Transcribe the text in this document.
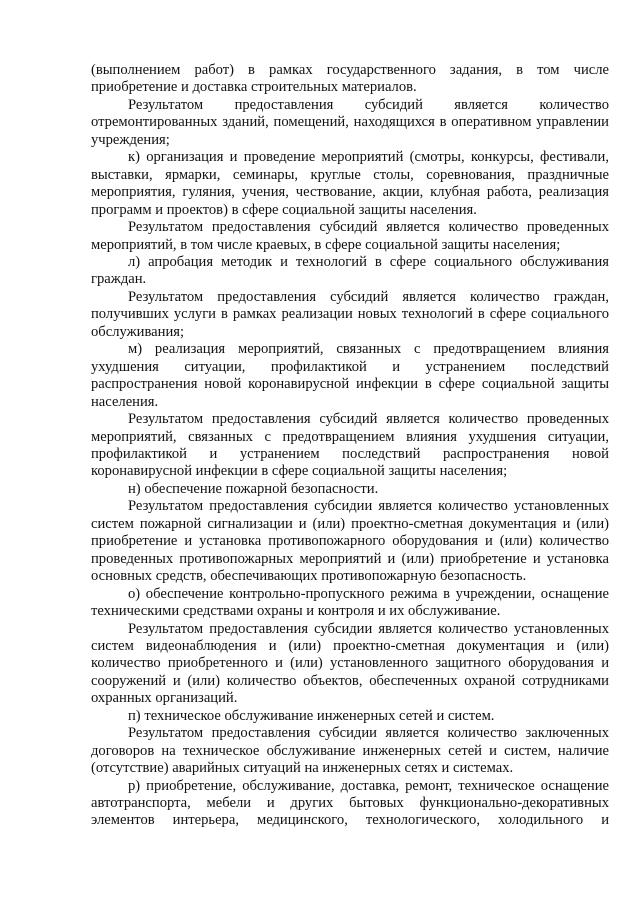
(выполнением работ) в рамках государственного задания, в том числе приобретение и доставка строительных материалов.

Результатом предоставления субсидий является количество отремонтированных зданий, помещений, находящихся в оперативном управлении учреждения;

к) организация и проведение мероприятий (смотры, конкурсы, фестивали, выставки, ярмарки, семинары, круглые столы, соревнования, праздничные мероприятия, гуляния, учения, чествование, акции, клубная работа, реализация программ и проектов) в сфере социальной защиты населения.

Результатом предоставления субсидий является количество проведенных мероприятий, в том числе краевых, в сфере социальной защиты населения;

л) апробация методик и технологий в сфере социального обслуживания граждан.

Результатом предоставления субсидий является количество граждан, получивших услуги в рамках реализации новых технологий в сфере социального обслуживания;

м) реализация мероприятий, связанных с предотвращением влияния ухудшения ситуации, профилактикой и устранением последствий распространения новой коронавирусной инфекции в сфере социальной защиты населения.

Результатом предоставления субсидий является количество проведенных мероприятий, связанных с предотвращением влияния ухудшения ситуации, профилактикой и устранением последствий распространения новой коронавирусной инфекции в сфере социальной защиты населения;

н) обеспечение пожарной безопасности.

Результатом предоставления субсидии является количество установленных систем пожарной сигнализации и (или) проектно-сметная документация и (или) приобретение и установка противопожарного оборудования и (или) количество проведенных противопожарных мероприятий и (или) приобретение и установка основных средств, обеспечивающих противопожарную безопасность.

о) обеспечение контрольно-пропускного режима в учреждении, оснащение техническими средствами охраны и контроля и их обслуживание.

Результатом предоставления субсидии является количество установленных систем видеонаблюдения и (или) проектно-сметная документация и (или) количество приобретенного и (или) установленного защитного оборудования и сооружений и (или) количество объектов, обеспеченных охраной сотрудниками охранных организаций.

п) техническое обслуживание инженерных сетей и систем.

Результатом предоставления субсидии является количество заключенных договоров на техническое обслуживание инженерных сетей и систем, наличие (отсутствие) аварийных ситуаций на инженерных сетях и системах.

р) приобретение, обслуживание, доставка, ремонт, техническое оснащение автотранспорта, мебели и других бытовых функционально-декоративных элементов интерьера, медицинского, технологического, холодильного и
